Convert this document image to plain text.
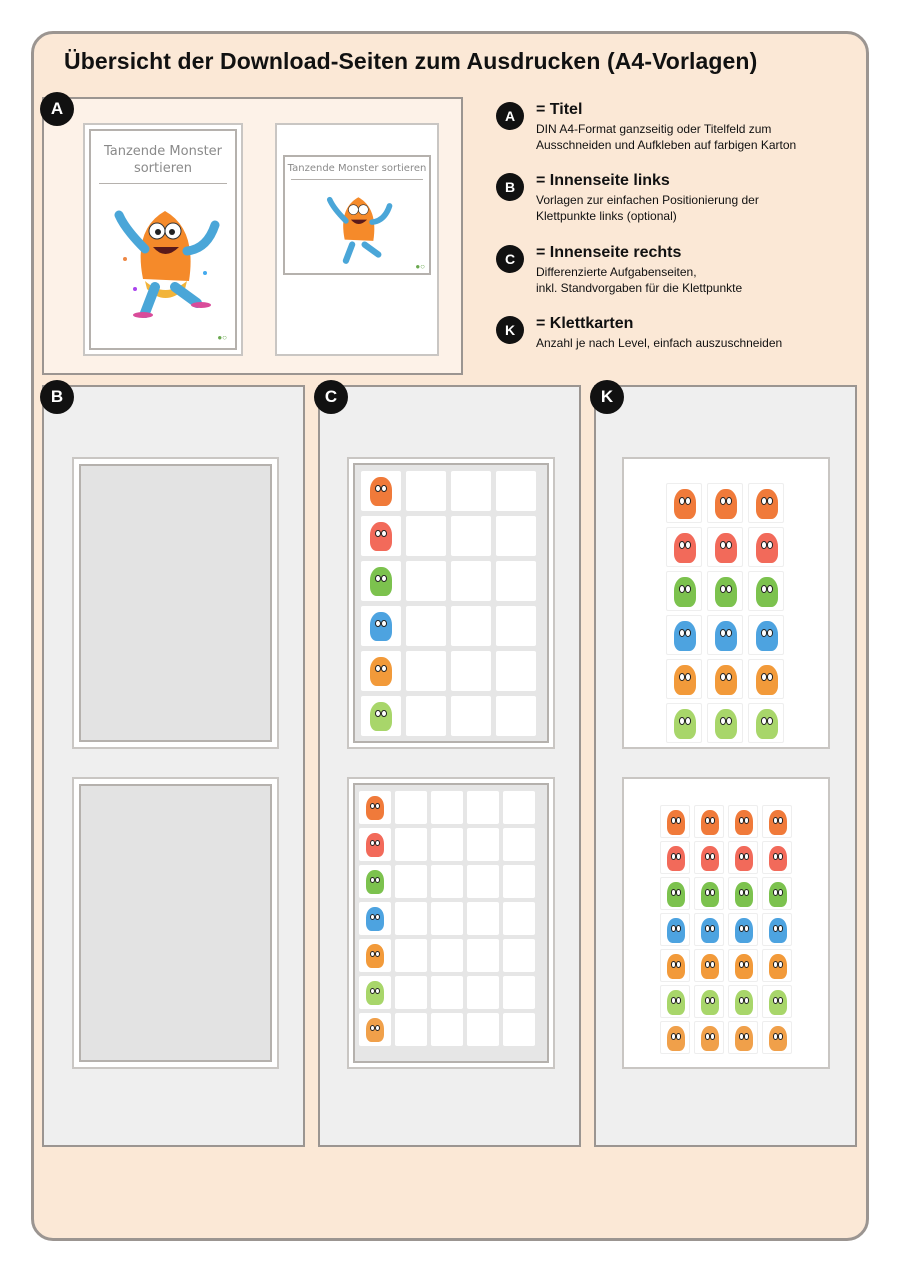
Übersicht der Download-Seiten zum Ausdrucken (A4-Vorlagen)
Tanzende Monster
sortieren
●○
Tanzende Monster sortieren
●○
A	A	= Titel
DIN A4-Format ganzseitig oder Titelfeld zum
Ausschneiden und Aufkleben auf farbigen Karton
B	= Innenseite links
Vorlagen zur einfachen Positionierung der
Klettpunkte links (optional)
C	= Innenseite rechts
Differenzierte Aufgabenseiten,
inkl. Standvorgaben für die Klettpunkte
K	= Klettkarten
Anzahl je nach Level, einfach auszuschneiden
B	C	K
